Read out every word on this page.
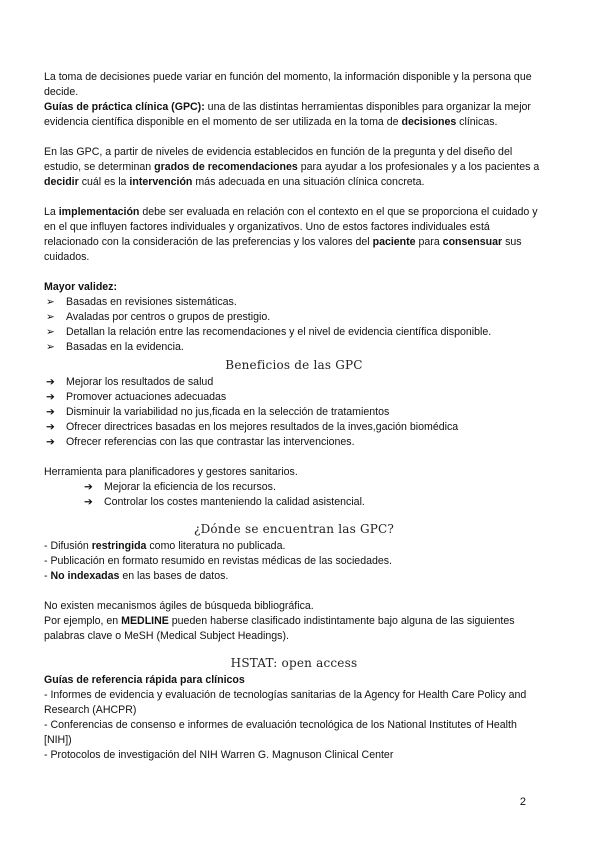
La toma de decisiones puede variar en función del momento, la información disponible y la persona que decide.

Guías de práctica clínica (GPC): una de las distintas herramientas disponibles para organizar la mejor evidencia científica disponible en el momento de ser utilizada en la toma de decisiones clínicas.

En las GPC, a partir de niveles de evidencia establecidos en función de la pregunta y del diseño del estudio, se determinan grados de recomendaciones para ayudar a los profesionales y a los pacientes a decidir cuál es la intervención más adecuada en una situación clínica concreta.

La implementación debe ser evaluada en relación con el contexto en el que se proporciona el cuidado y en el que influyen factores individuales y organizativos. Uno de estos factores individuales está relacionado con la consideración de las preferencias y los valores del paciente para consensuar sus cuidados.

Mayor validez:

➢	Basadas en revisiones sistemáticas.
➢	Avaladas por centros o grupos de prestigio.
➢	Detallan la relación entre las recomendaciones y el nivel de evidencia científica disponible.
➢	Basadas en la evidencia.

Beneficios de las GPC

➔	Mejorar los resultados de salud
➔	Promover actuaciones adecuadas
➔	Disminuir la variabilidad no jus,ficada en la selección de tratamientos
➔	Ofrecer directrices basadas en los mejores resultados de la inves,gación biomédica
➔	Ofrecer referencias con las que contrastar las intervenciones.

Herramienta para planificadores y gestores sanitarios.

➔	Mejorar la eficiencia de los recursos.
➔	Controlar los costes manteniendo la calidad asistencial.

¿Dónde se encuentran las GPC?

- Difusión restringida como literatura no publicada.

- Publicación en formato resumido en revistas médicas de las sociedades.

- No indexadas en las bases de datos.

No existen mecanismos ágiles de búsqueda bibliográfica.

Por ejemplo, en MEDLINE pueden haberse clasificado indistintamente bajo alguna de las siguientes palabras clave o MeSH (Medical Subject Headings).

HSTAT: open access

Guías de referencia rápida para clínicos

- Informes de evidencia y evaluación de tecnologías sanitarias de la Agency for Health Care Policy and Research (AHCPR)

- Conferencias de consenso e informes de evaluación tecnológica de los National Institutes of Health [NIH])

- Protocolos de investigación del NIH Warren G. Magnuson Clinical Center

2
